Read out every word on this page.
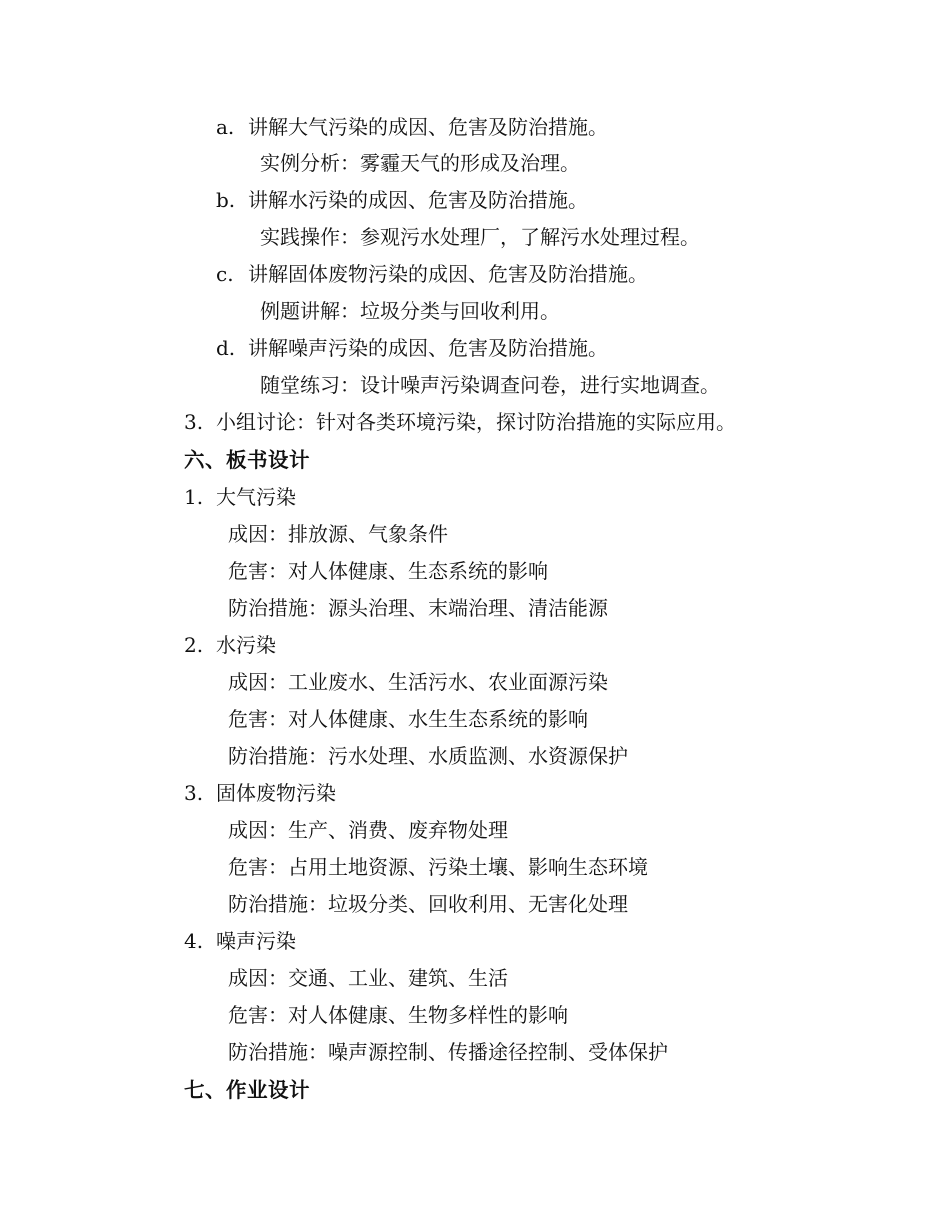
a. 讲解大气污染的成因、危害及防治措施。
实例分析：雾霾天气的形成及治理。
b. 讲解水污染的成因、危害及防治措施。
实践操作：参观污水处理厂，了解污水处理过程。
c. 讲解固体废物污染的成因、危害及防治措施。
例题讲解：垃圾分类与回收利用。
d. 讲解噪声污染的成因、危害及防治措施。
随堂练习：设计噪声污染调查问卷，进行实地调查。
3. 小组讨论：针对各类环境污染，探讨防治措施的实际应用。
六、板书设计
1. 大气污染
成因：排放源、气象条件
危害：对人体健康、生态系统的影响
防治措施：源头治理、末端治理、清洁能源
2. 水污染
成因：工业废水、生活污水、农业面源污染
危害：对人体健康、水生生态系统的影响
防治措施：污水处理、水质监测、水资源保护
3. 固体废物污染
成因：生产、消费、废弃物处理
危害：占用土地资源、污染土壤、影响生态环境
防治措施：垃圾分类、回收利用、无害化处理
4. 噪声污染
成因：交通、工业、建筑、生活
危害：对人体健康、生物多样性的影响
防治措施：噪声源控制、传播途径控制、受体保护
七、作业设计
